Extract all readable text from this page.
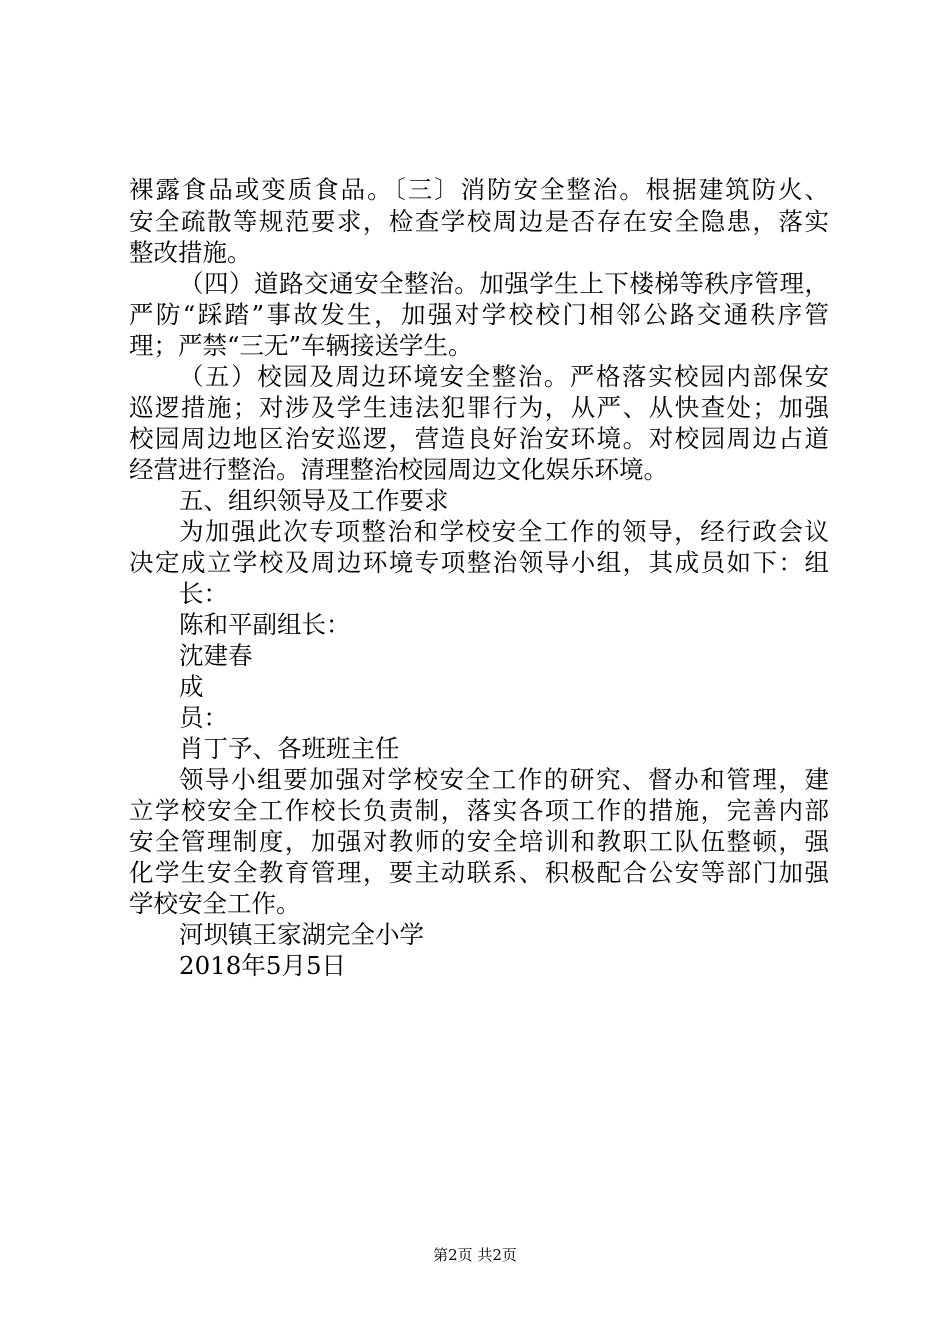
裸露食品或变质食品。〔三〕消防安全整治。根据建筑防火、
安全疏散等规范要求，检查学校周边是否存在安全隐患，落实
整改措施。
（四）道路交通安全整治。加强学生上下楼梯等秩序管理，
严防“踩踏”事故发生，加强对学校校门相邻公路交通秩序管
理；严禁“三无”车辆接送学生。
（五）校园及周边环境安全整治。严格落实校园内部保安
巡逻措施；对涉及学生违法犯罪行为，从严、从快查处；加强
校园周边地区治安巡逻，营造良好治安环境。对校园周边占道
经营进行整治。清理整治校园周边文化娱乐环境。
五、组织领导及工作要求
为加强此次专项整治和学校安全工作的领导，经行政会议
决定成立学校及周边环境专项整治领导小组，其成员如下：组
长：
陈和平副组长：
沈建春
成
员：
肖丁予、各班班主任
领导小组要加强对学校安全工作的研究、督办和管理，建
立学校安全工作校长负责制，落实各项工作的措施，完善内部
安全管理制度，加强对教师的安全培训和教职工队伍整顿，强
化学生安全教育管理，要主动联系、积极配合公安等部门加强
学校安全工作。
河坝镇王家湖完全小学
2018年5月5日
第2页 共2页
